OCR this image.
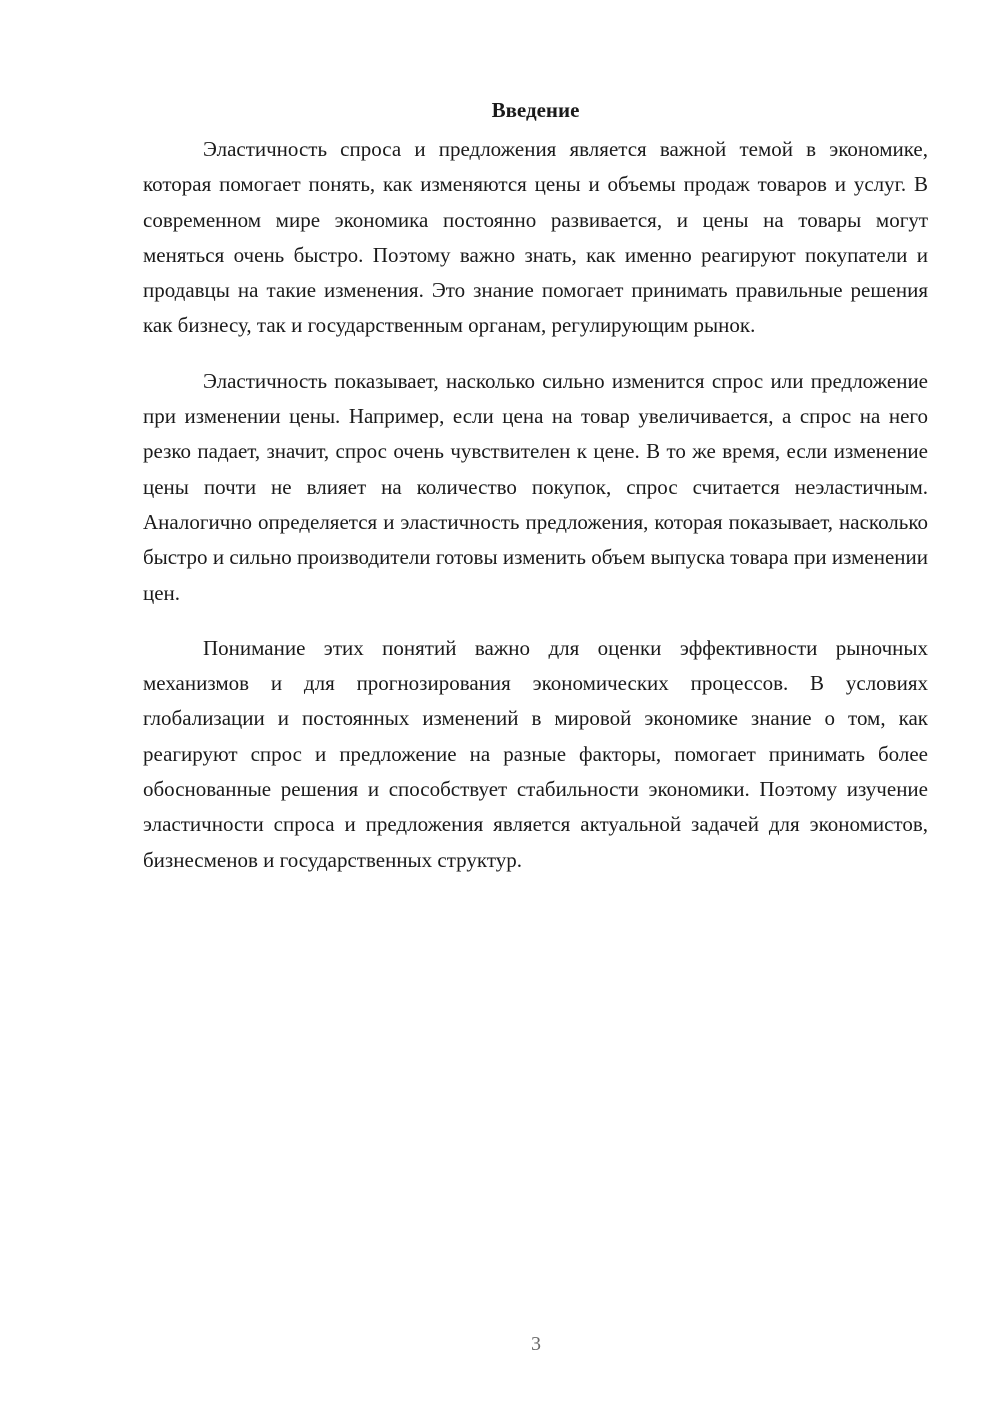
Введение

Эластичность спроса и предложения является важной темой в экономике, которая помогает понять, как изменяются цены и объемы продаж товаров и услуг. В современном мире экономика постоянно развивается, и цены на товары могут меняться очень быстро. Поэтому важно знать, как именно реагируют покупатели и продавцы на такие изменения. Это знание помогает принимать правильные решения как бизнесу, так и государственным органам, регулирующим рынок.

Эластичность показывает, насколько сильно изменится спрос или предложение при изменении цены. Например, если цена на товар увеличивается, а спрос на него резко падает, значит, спрос очень чувствителен к цене. В то же время, если изменение цены почти не влияет на количество покупок, спрос считается неэластичным. Аналогично определяется и эластичность предложения, которая показывает, насколько быстро и сильно производители готовы изменить объем выпуска товара при изменении цен.

Понимание этих понятий важно для оценки эффективности рыночных механизмов и для прогнозирования экономических процессов. В условиях глобализации и постоянных изменений в мировой экономике знание о том, как реагируют спрос и предложение на разные факторы, помогает принимать более обоснованные решения и способствует стабильности экономики. Поэтому изучение эластичности спроса и предложения является актуальной задачей для экономистов, бизнесменов и государственных структур.

3
